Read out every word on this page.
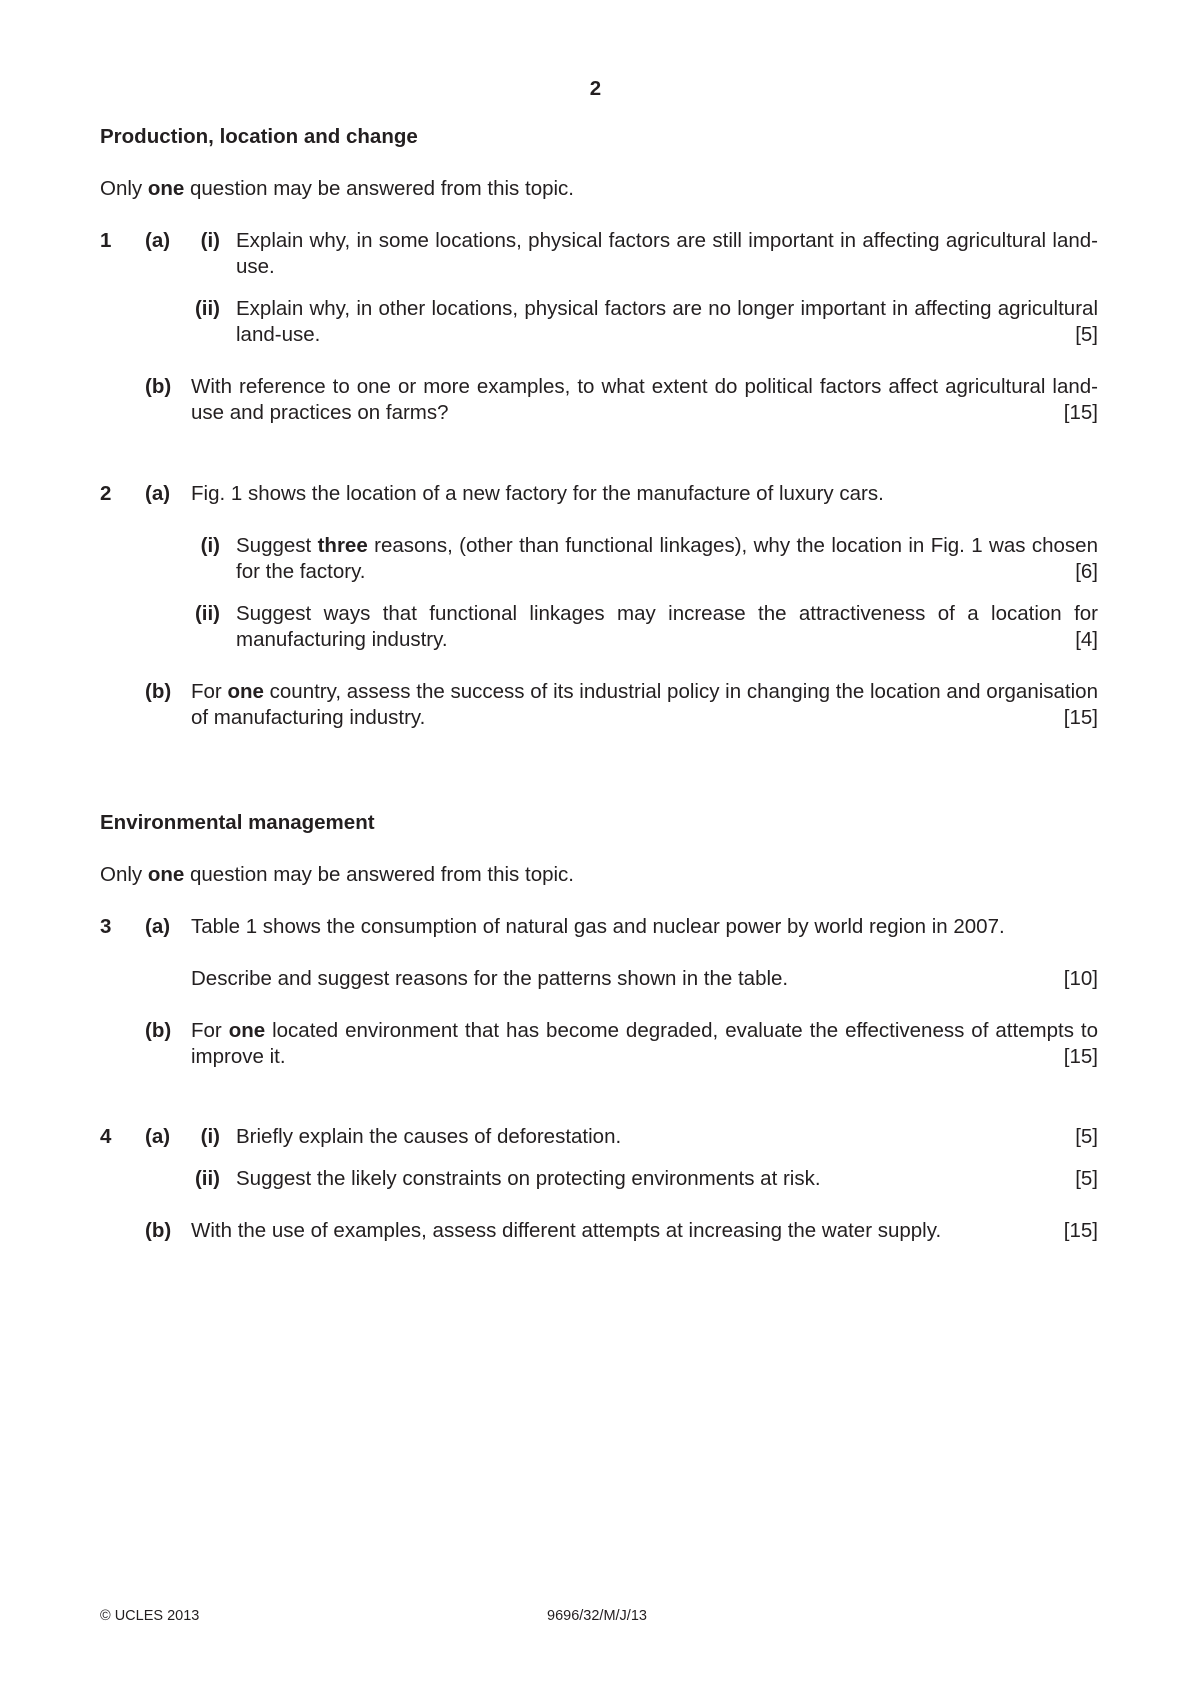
2
Production, location and change
Only one question may be answered from this topic.
1 (a)	(i) Explain why, in some locations, physical factors are still important in affecting agricultural land-use.
(ii) Explain why, in other locations, physical factors are no longer important in affecting agricultural land-use.	[5]
(b) With reference to one or more examples, to what extent do political factors affect agricultural land-use and practices on farms?	[15]
2 (a) Fig. 1 shows the location of a new factory for the manufacture of luxury cars.
(i) Suggest three reasons, (other than functional linkages), why the location in Fig. 1 was chosen for the factory.	[6]
(ii) Suggest ways that functional linkages may increase the attractiveness of a location for manufacturing industry.	[4]
(b) For one country, assess the success of its industrial policy in changing the location and organisation of manufacturing industry.	[15]
Environmental management
Only one question may be answered from this topic.
3 (a) Table 1 shows the consumption of natural gas and nuclear power by world region in 2007.
Describe and suggest reasons for the patterns shown in the table.	[10]
(b) For one located environment that has become degraded, evaluate the effectiveness of attempts to improve it.	[15]
4 (a)	(i) Briefly explain the causes of deforestation.	[5]
(ii) Suggest the likely constraints on protecting environments at risk.	[5]
(b) With the use of examples, assess different attempts at increasing the water supply.	[15]
© UCLES 2013	9696/32/M/J/13
